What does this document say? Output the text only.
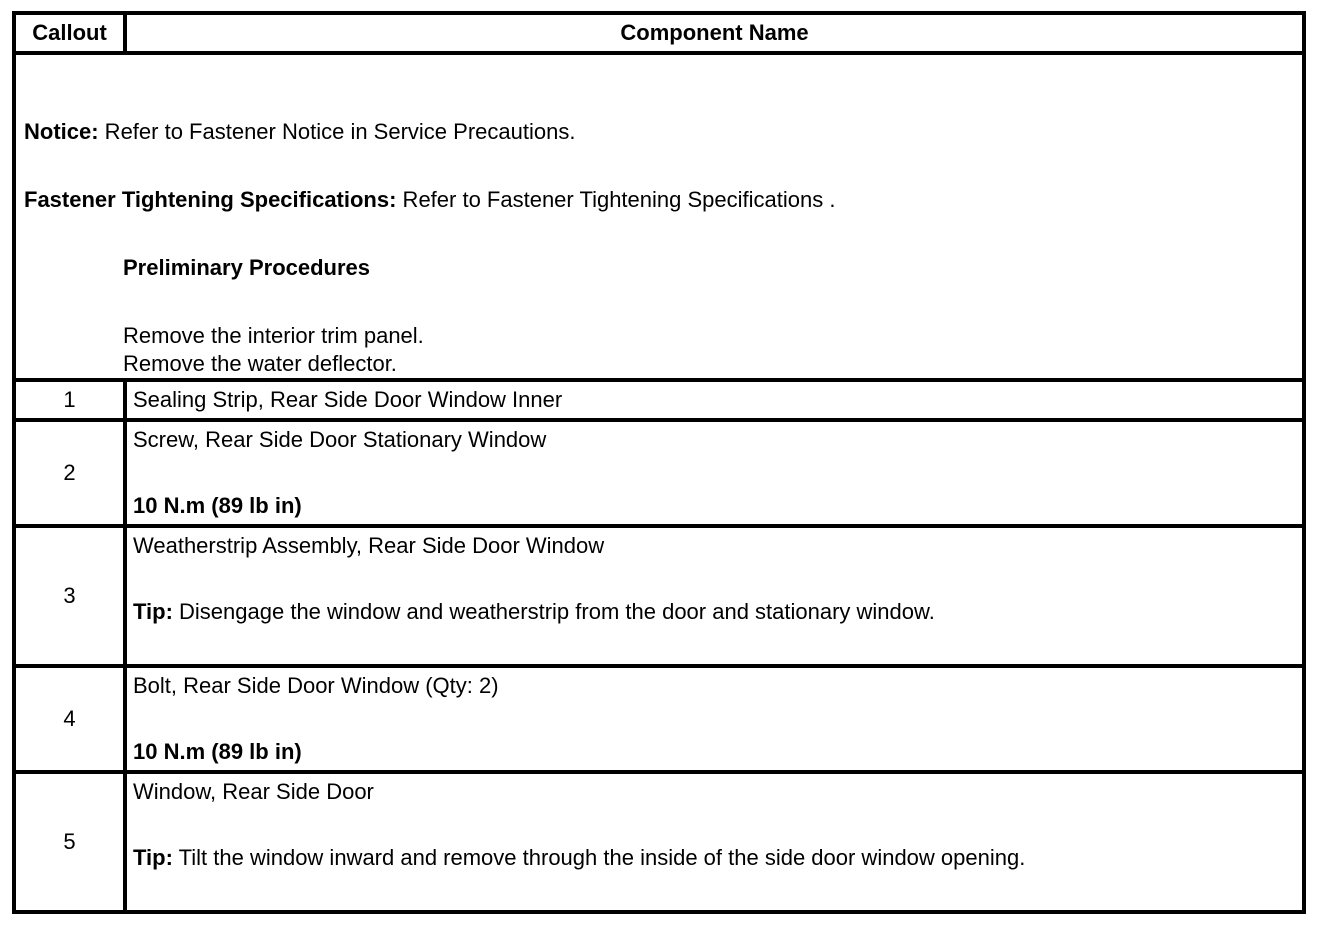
Callout	Component Name

Notice: Refer to Fastener Notice in Service Precautions.
Fastener Tightening Specifications: Refer to Fastener Tightening Specifications .
Preliminary Procedures
Remove the interior trim panel.
Remove the water deflector.	

1	Sealing Strip, Rear Side Door Window Inner

2	Screw, Rear Side Door Stationary Window
10 N.m (89 lb in)

3	Weatherstrip Assembly, Rear Side Door Window
Tip: Disengage the window and weatherstrip from the door and stationary window.

4	Bolt, Rear Side Door Window (Qty: 2)
10 N.m (89 lb in)

5	Window, Rear Side Door
Tip: Tilt the window inward and remove through the inside of the side door window opening.
